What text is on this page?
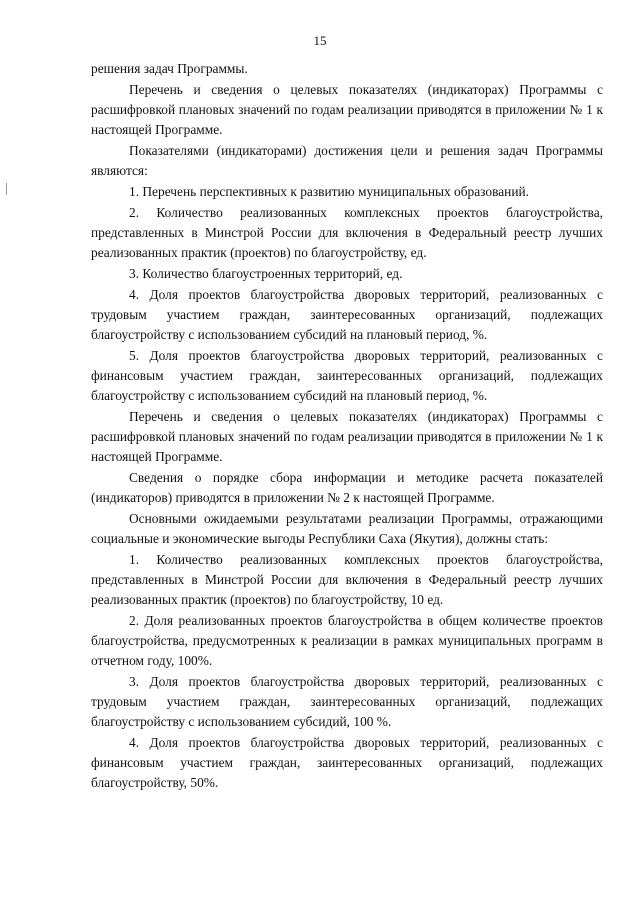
15

решения задач Программы.

Перечень и сведения о целевых показателях (индикаторах) Программы с расшифровкой плановых значений по годам реализации приводятся в приложении № 1 к настоящей Программе.

Показателями (индикаторами) достижения цели и решения задач Программы являются:

1. Перечень перспективных к развитию муниципальных образований.

2. Количество реализованных комплексных проектов благоустройства, представленных в Минстрой России для включения в Федеральный реестр лучших реализованных практик (проектов) по благоустройству, ед.

3. Количество благоустроенных территорий, ед.

4. Доля проектов благоустройства дворовых территорий, реализованных с трудовым участием граждан, заинтересованных организаций, подлежащих благоустройству с использованием субсидий на плановый период, %.

5. Доля проектов благоустройства дворовых территорий, реализованных с финансовым участием граждан, заинтересованных организаций, подлежащих благоустройству с использованием субсидий на плановый период, %.

Перечень и сведения о целевых показателях (индикаторах) Программы с расшифровкой плановых значений по годам реализации приводятся в приложении № 1 к настоящей Программе.

Сведения о порядке сбора информации и методике расчета показателей (индикаторов) приводятся в приложении № 2 к настоящей Программе.

Основными ожидаемыми результатами реализации Программы, отражающими социальные и экономические выгоды Республики Саха (Якутия), должны стать:

1. Количество реализованных комплексных проектов благоустройства, представленных в Минстрой России для включения в Федеральный реестр лучших реализованных практик (проектов) по благоустройству, 10 ед.

2. Доля реализованных проектов благоустройства в общем количестве проектов благоустройства, предусмотренных к реализации в рамках муниципальных программ в отчетном году, 100%.

3. Доля проектов благоустройства дворовых территорий, реализованных с трудовым участием граждан, заинтересованных организаций, подлежащих благоустройству с использованием субсидий, 100 %.

4. Доля проектов благоустройства дворовых территорий, реализованных с финансовым участием граждан, заинтересованных организаций, подлежащих благоустройству, 50%.
